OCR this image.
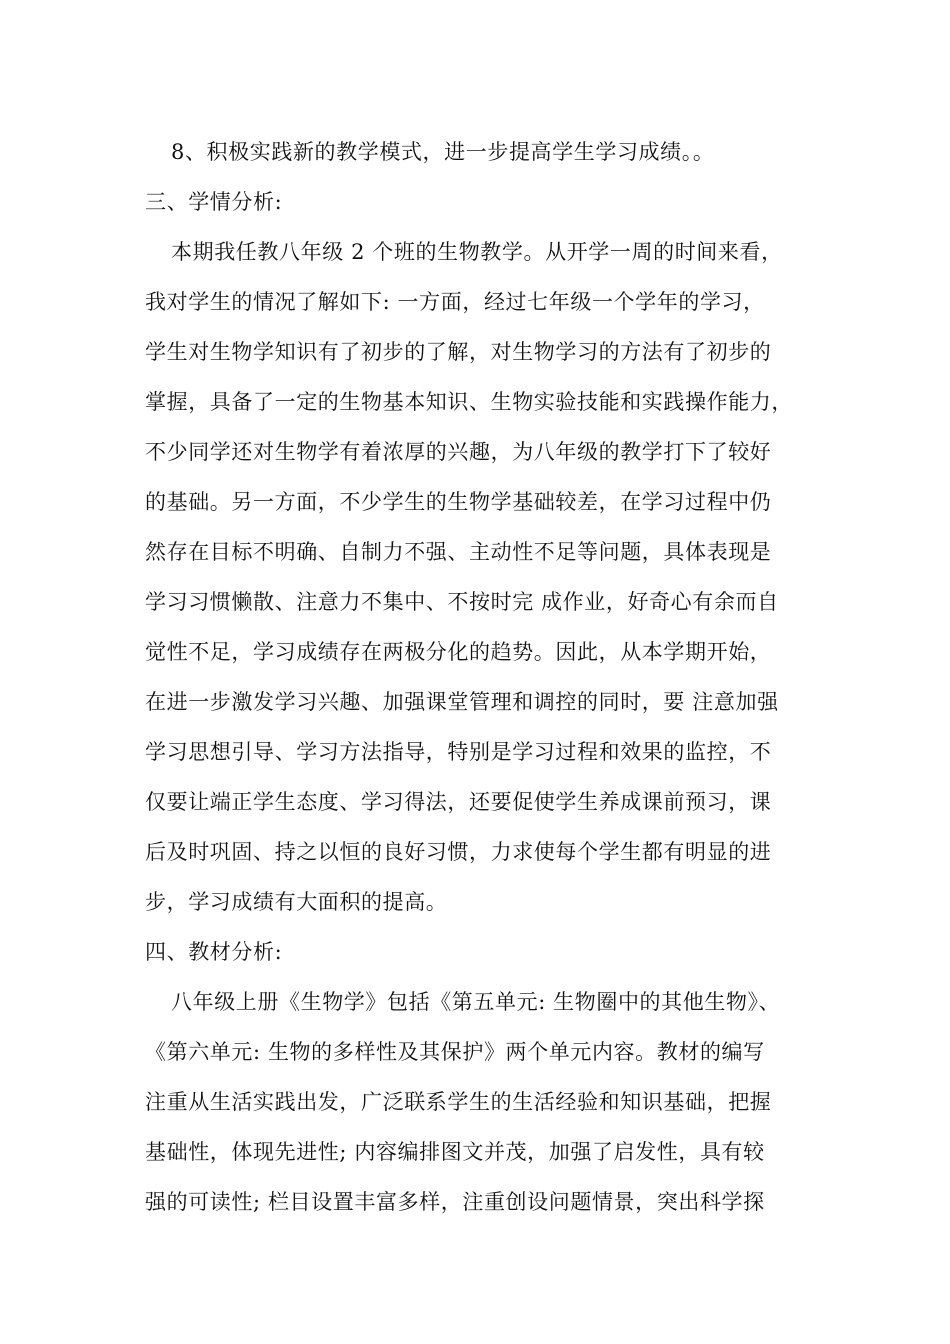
8、积极实践新的教学模式，进一步提高学生学习成绩。。
三、学情分析:
本期我任教八年级 2 个班的生物教学。从开学一周的时间来看，
我对学生的情况了解如下: 一方面，经过七年级一个学年的学习，
学生对生物学知识有了初步的了解，对生物学习的方法有了初步的
掌握，具备了一定的生物基本知识、生物实验技能和实践操作能力，
不少同学还对生物学有着浓厚的兴趣，为八年级的教学打下了较好
的基础。另一方面，不少学生的生物学基础较差，在学习过程中仍
然存在目标不明确、自制力不强、主动性不足等问题，具体表现是
学习习惯懒散、注意力不集中、不按时完 成作业，好奇心有余而自
觉性不足，学习成绩存在两极分化的趋势。因此，从本学期开始，
在进一步激发学习兴趣、加强课堂管理和调控的同时，要 注意加强
学习思想引导、学习方法指导，特别是学习过程和效果的监控，不
仅要让端正学生态度、学习得法，还要促使学生养成课前预习，课
后及时巩固、持之以恒的良好习惯，力求使每个学生都有明显的进
步，学习成绩有大面积的提高。
四、教材分析:
八年级上册《生物学》包括《第五单元: 生物圈中的其他生物》、
《第六单元: 生物的多样性及其保护》两个单元内容。教材的编写
注重从生活实践出发，广泛联系学生的生活经验和知识基础，把握
基础性，体现先进性; 内容编排图文并茂，加强了启发性，具有较
强的可读性; 栏目设置丰富多样，注重创设问题情景，突出科学探
